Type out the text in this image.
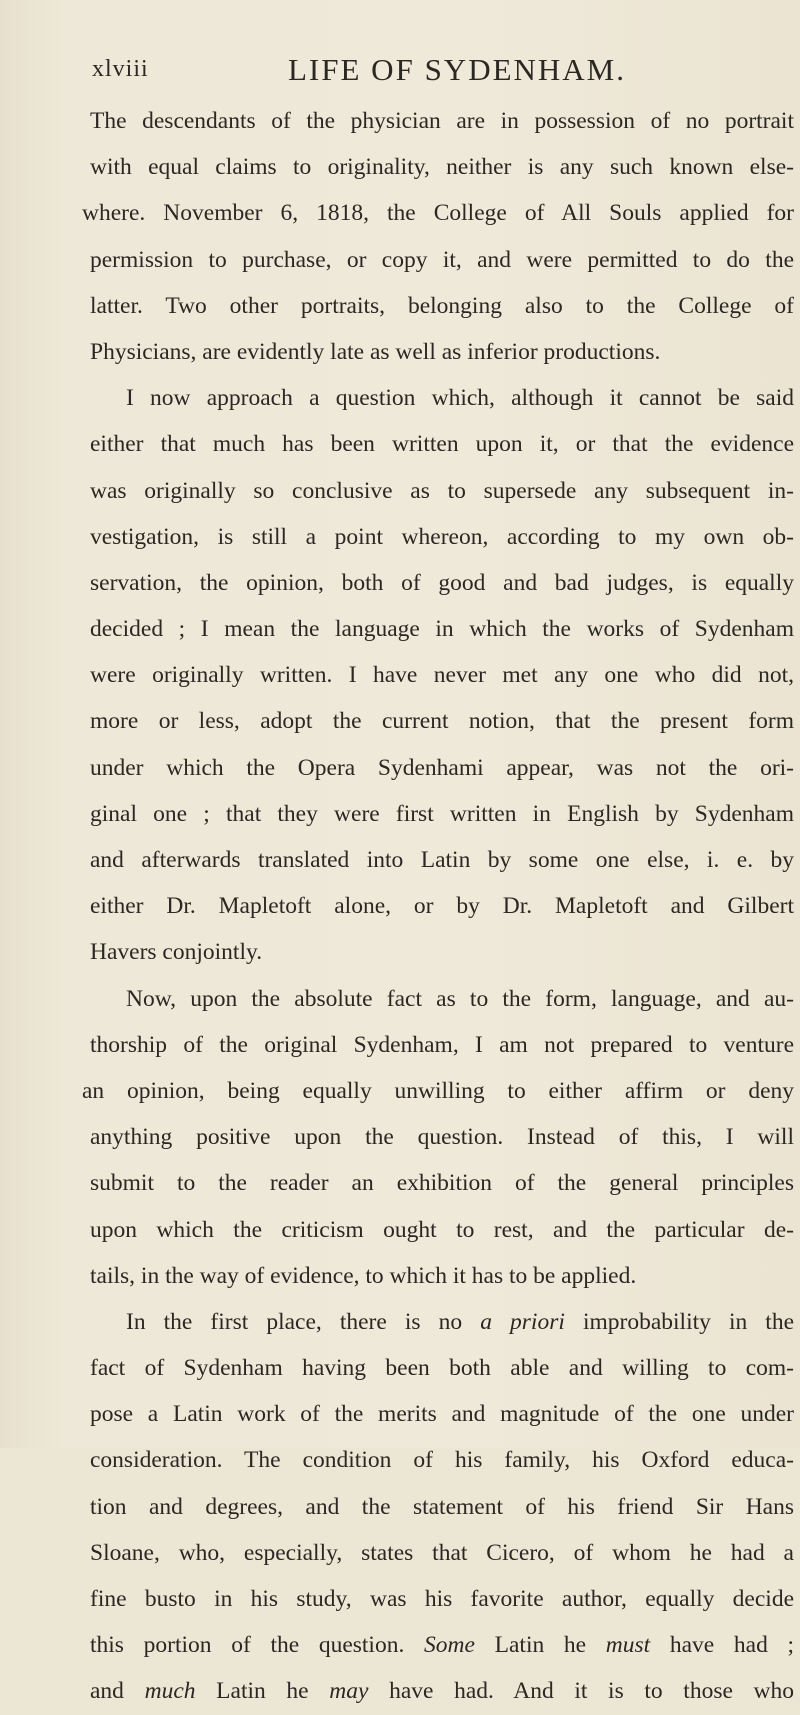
xlviii	LIFE OF SYDENHAM.
The descendants of the physician are in possession of no portrait
with equal claims to originality, neither is any such known else-
where. November 6, 1818, the College of All Souls applied for
permission to purchase, or copy it, and were permitted to do the
latter. Two other portraits, belonging also to the College of
Physicians, are evidently late as well as inferior productions.
I now approach a question which, although it cannot be said
either that much has been written upon it, or that the evidence
was originally so conclusive as to supersede any subsequent in-
vestigation, is still a point whereon, according to my own ob-
servation, the opinion, both of good and bad judges, is equally
decided ; I mean the language in which the works of Sydenham
were originally written. I have never met any one who did not,
more or less, adopt the current notion, that the present form
under which the Opera Sydenhami appear, was not the ori-
ginal one ; that they were first written in English by Sydenham
and afterwards translated into Latin by some one else, i. e. by
either Dr. Mapletoft alone, or by Dr. Mapletoft and Gilbert
Havers conjointly.
Now, upon the absolute fact as to the form, language, and au-
thorship of the original Sydenham, I am not prepared to venture
an opinion, being equally unwilling to either affirm or deny
anything positive upon the question. Instead of this, I will
submit to the reader an exhibition of the general principles
upon which the criticism ought to rest, and the particular de-
tails, in the way of evidence, to which it has to be applied.
In the first place, there is no a priori improbability in the
fact of Sydenham having been both able and willing to com-
pose a Latin work of the merits and magnitude of the one under
consideration. The condition of his family, his Oxford educa-
tion and degrees, and the statement of his friend Sir Hans
Sloane, who, especially, states that Cicero, of whom he had a
fine busto in his study, was his favorite author, equally decide
this portion of the question. Some Latin he must have had ;
and much Latin he may have had. And it is to those who
